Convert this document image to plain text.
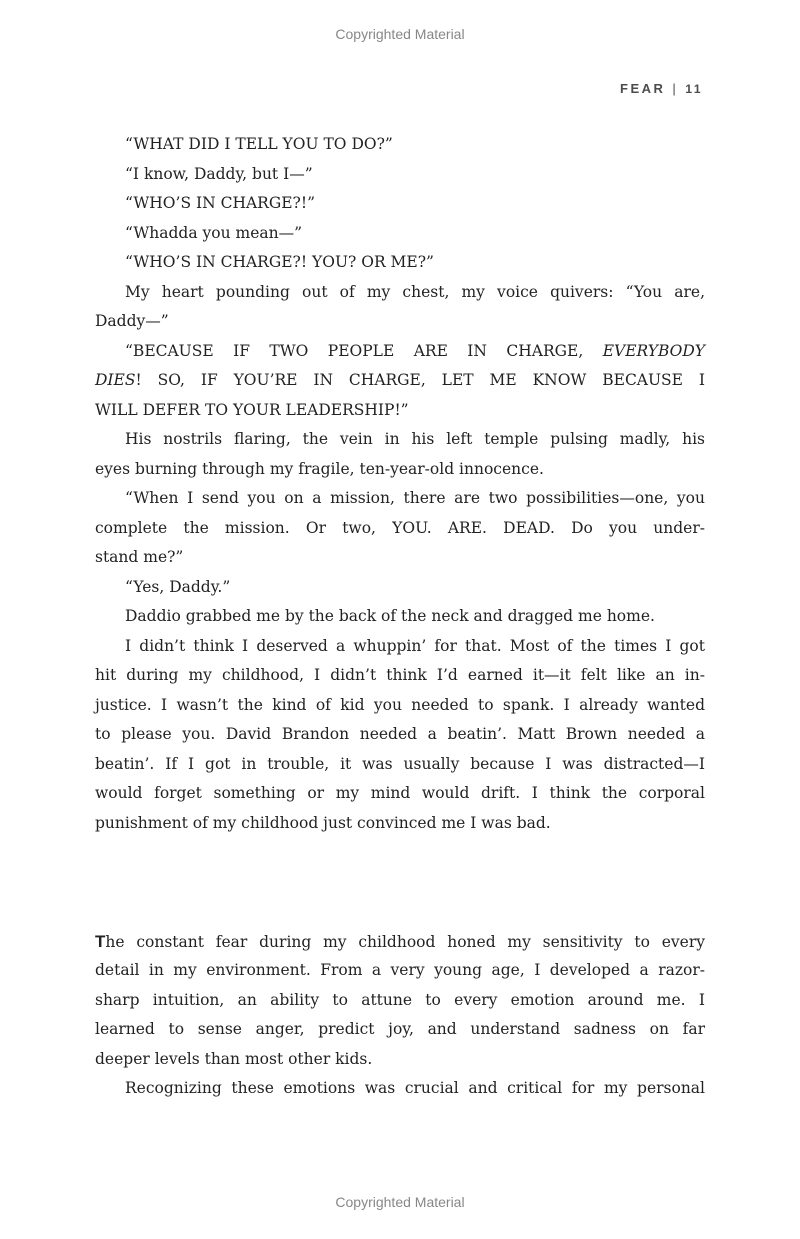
Copyrighted Material
FEAR | 11
“WHAT DID I TELL YOU TO DO?”
“I know, Daddy, but I—”
“WHO’S IN CHARGE?!”
“Whadda you mean—”
“WHO’S IN CHARGE?! YOU? OR ME?”
My heart pounding out of my chest, my voice quivers: “You are,
Daddy—”
“BECAUSE IF TWO PEOPLE ARE IN CHARGE, EVERYBODY
DIES! SO, IF YOU’RE IN CHARGE, LET ME KNOW BECAUSE I
WILL DEFER TO YOUR LEADERSHIP!”
His nostrils flaring, the vein in his left temple pulsing madly, his
eyes burning through my fragile, ten-year-old innocence.
“When I send you on a mission, there are two possibilities—one, you
complete the mission. Or two, YOU. ARE. DEAD. Do you under-
stand me?”
“Yes, Daddy.”
Daddio grabbed me by the back of the neck and dragged me home.
I didn’t think I deserved a whuppin’ for that. Most of the times I got
hit during my childhood, I didn’t think I’d earned it—it felt like an in-
justice. I wasn’t the kind of kid you needed to spank. I already wanted
to please you. David Brandon needed a beatin’. Matt Brown needed a
beatin’. If I got in trouble, it was usually because I was distracted—I
would forget something or my mind would drift. I think the corporal
punishment of my childhood just convinced me I was bad.
The constant fear during my childhood honed my sensitivity to every
detail in my environment. From a very young age, I developed a razor-
sharp intuition, an ability to attune to every emotion around me. I
learned to sense anger, predict joy, and understand sadness on far
deeper levels than most other kids.
Recognizing these emotions was crucial and critical for my personal
Copyrighted Material
